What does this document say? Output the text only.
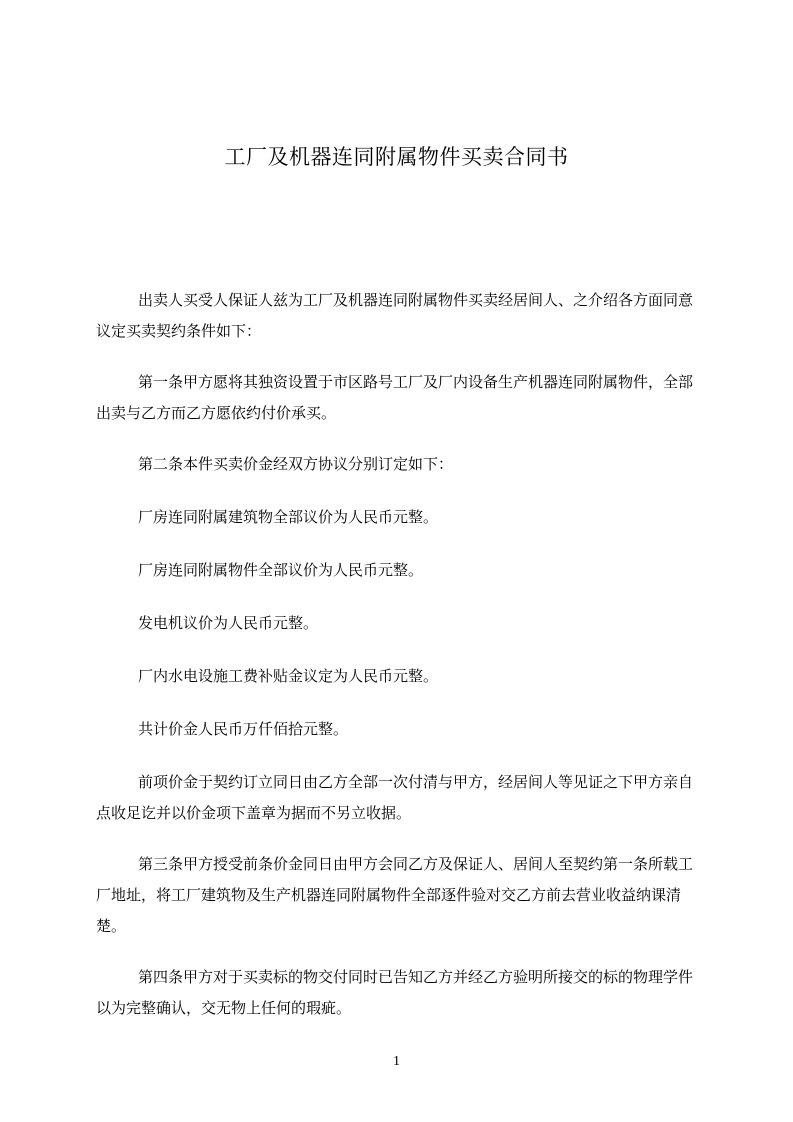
工厂及机器连同附属物件买卖合同书

出卖人买受人保证人兹为工厂及机器连同附属物件买卖经居间人、之介绍各方面同意议定买卖契约条件如下：

第一条甲方愿将其独资设置于市区路号工厂及厂内设备生产机器连同附属物件，全部出卖与乙方而乙方愿依约付价承买。

第二条本件买卖价金经双方协议分别订定如下：

厂房连同附属建筑物全部议价为人民币元整。

厂房连同附属物件全部议价为人民币元整。

发电机议价为人民币元整。

厂内水电设施工费补贴金议定为人民币元整。

共计价金人民币万仟佰拾元整。

前项价金于契约订立同日由乙方全部一次付清与甲方，经居间人等见证之下甲方亲自点收足讫并以价金项下盖章为据而不另立收据。

第三条甲方授受前条价金同日由甲方会同乙方及保证人、居间人至契约第一条所载工厂地址，将工厂建筑物及生产机器连同附属物件全部逐件验对交乙方前去营业收益纳课清楚。

第四条甲方对于买卖标的物交付同时已告知乙方并经乙方验明所接交的标的物理学件以为完整确认，交无物上任何的瑕疵。

1
